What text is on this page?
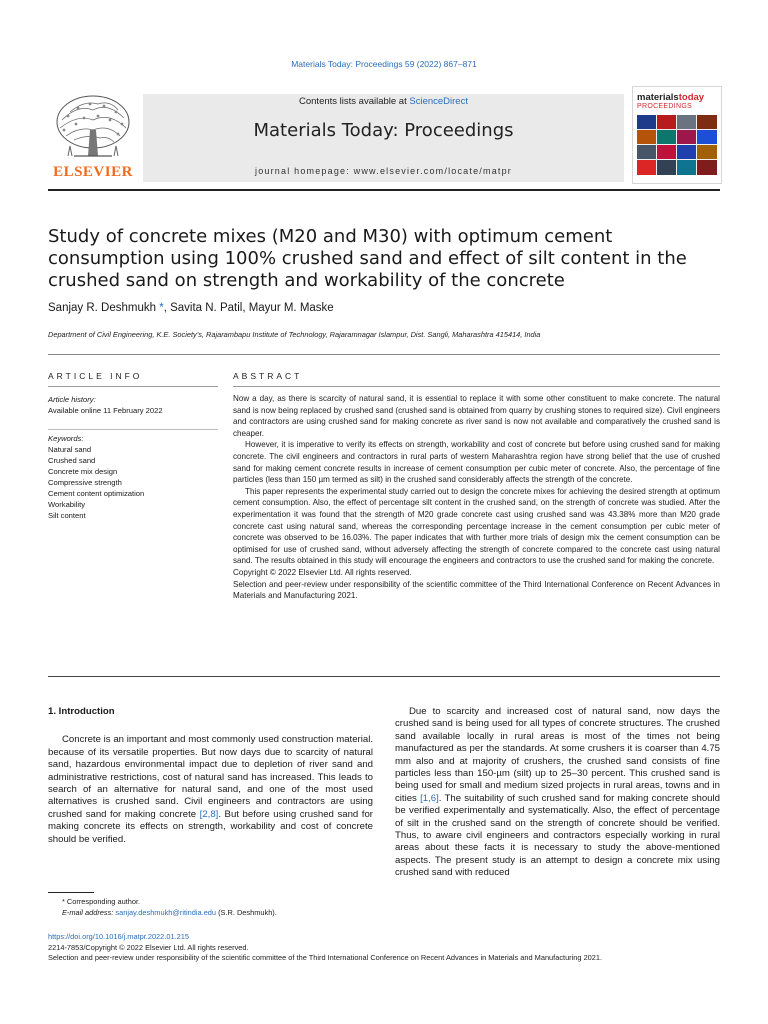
Materials Today: Proceedings 59 (2022) 867–871
ELSEVIER
Contents lists available at ScienceDirect
Materials Today: Proceedings
journal homepage: www.elsevier.com/locate/matpr
materialstoday
PROCEEDINGS
Study of concrete mixes (M20 and M30) with optimum cement consumption using 100% crushed sand and effect of silt content in the crushed sand on strength and workability of the concrete
Sanjay R. Deshmukh *, Savita N. Patil, Mayur M. Maske
Department of Civil Engineering, K.E. Society’s, Rajarambapu Institute of Technology, Rajaramnagar Islampur, Dist. Sangli, Maharashtra 415414, India
ARTICLE INFO
Article history:
Available online 11 February 2022
Keywords:
Natural sand
Crushed sand
Concrete mix design
Compressive strength
Cement content optimization
Workability
Silt content
ABSTRACT

Now a day, as there is scarcity of natural sand, it is essential to replace it with some other constituent to make concrete. The natural sand is now being replaced by crushed sand (crushed sand is obtained from quarry by crushing stones to required size). Civil engineers and contractors are using crushed sand for making concrete as river sand is now not available and comparatively the crushed sand is cheaper.

However, it is imperative to verify its effects on strength, workability and cost of concrete but before using crushed sand for making concrete. The civil engineers and contractors in rural parts of western Maharashtra region have strong belief that the use of crushed sand for making cement concrete results in increase of cement consumption per cubic meter of concrete. Also, the percentage of fine particles (less than 150 µm termed as silt) in the crushed sand considerably affects the strength of the concrete.

This paper represents the experimental study carried out to design the concrete mixes for achieving the desired strength at optimum cement consumption. Also, the effect of percentage silt content in the crushed sand, on the strength of concrete was studied. After the experimentation it was found that the strength of M20 grade concrete cast using crushed sand was 43.38% more than M20 grade concrete cast using natural sand, whereas the corresponding percentage increase in the cement consumption per cubic meter of concrete was observed to be 16.03%. The paper indicates that with further more trials of design mix the cement consumption can be optimised for use of crushed sand, without adversely affecting the strength of concrete compared to the concrete cast using natural sand. The results obtained in this study will encourage the engineers and contractors to use the crushed sand for making the concrete.

Copyright © 2022 Elsevier Ltd. All rights reserved.

Selection and peer-review under responsibility of the scientific committee of the Third International Conference on Recent Advances in Materials and Manufacturing 2021.

1. Introduction

Concrete is an important and most commonly used construction material. because of its versatile properties. But now days due to scarcity of natural sand, hazardous environmental impact due to depletion of river sand and administrative restrictions, cost of natural sand has increased. This leads to search of an alternative for natural sand, and one of the most used alternatives is crushed sand. Civil engineers and contractors are using crushed sand for making concrete [2,8]. But before using crushed sand for making concrete its effects on strength, workability and cost of concrete should be verified.

Due to scarcity and increased cost of natural sand, now days the crushed sand is being used for all types of concrete structures. The crushed sand available locally in rural areas is most of the times not being manufactured as per the standards. At some crushers it is coarser than 4.75 mm also and at majority of crushers, the crushed sand consists of fine particles less than 150-µm (silt) up to 25–30 percent. This crushed sand is being used for small and medium sized projects in rural areas, towns and in cities [1,6]. The suitability of such crushed sand for making concrete should be verified experimentally and systematically. Also, the effect of percentage of silt in the crushed sand on the strength of concrete should be verified. Thus, to aware civil engineers and contractors especially working in rural areas about these facts it is necessary to study the above-mentioned aspects. The present study is an attempt to design a concrete mix using crushed sand with reduced

* Corresponding author.
E-mail address: sanjay.deshmukh@ritindia.edu (S.R. Deshmukh).
https://doi.org/10.1016/j.matpr.2022.01.215
2214-7853/Copyright © 2022 Elsevier Ltd. All rights reserved.
Selection and peer-review under responsibility of the scientific committee of the Third International Conference on Recent Advances in Materials and Manufacturing 2021.
